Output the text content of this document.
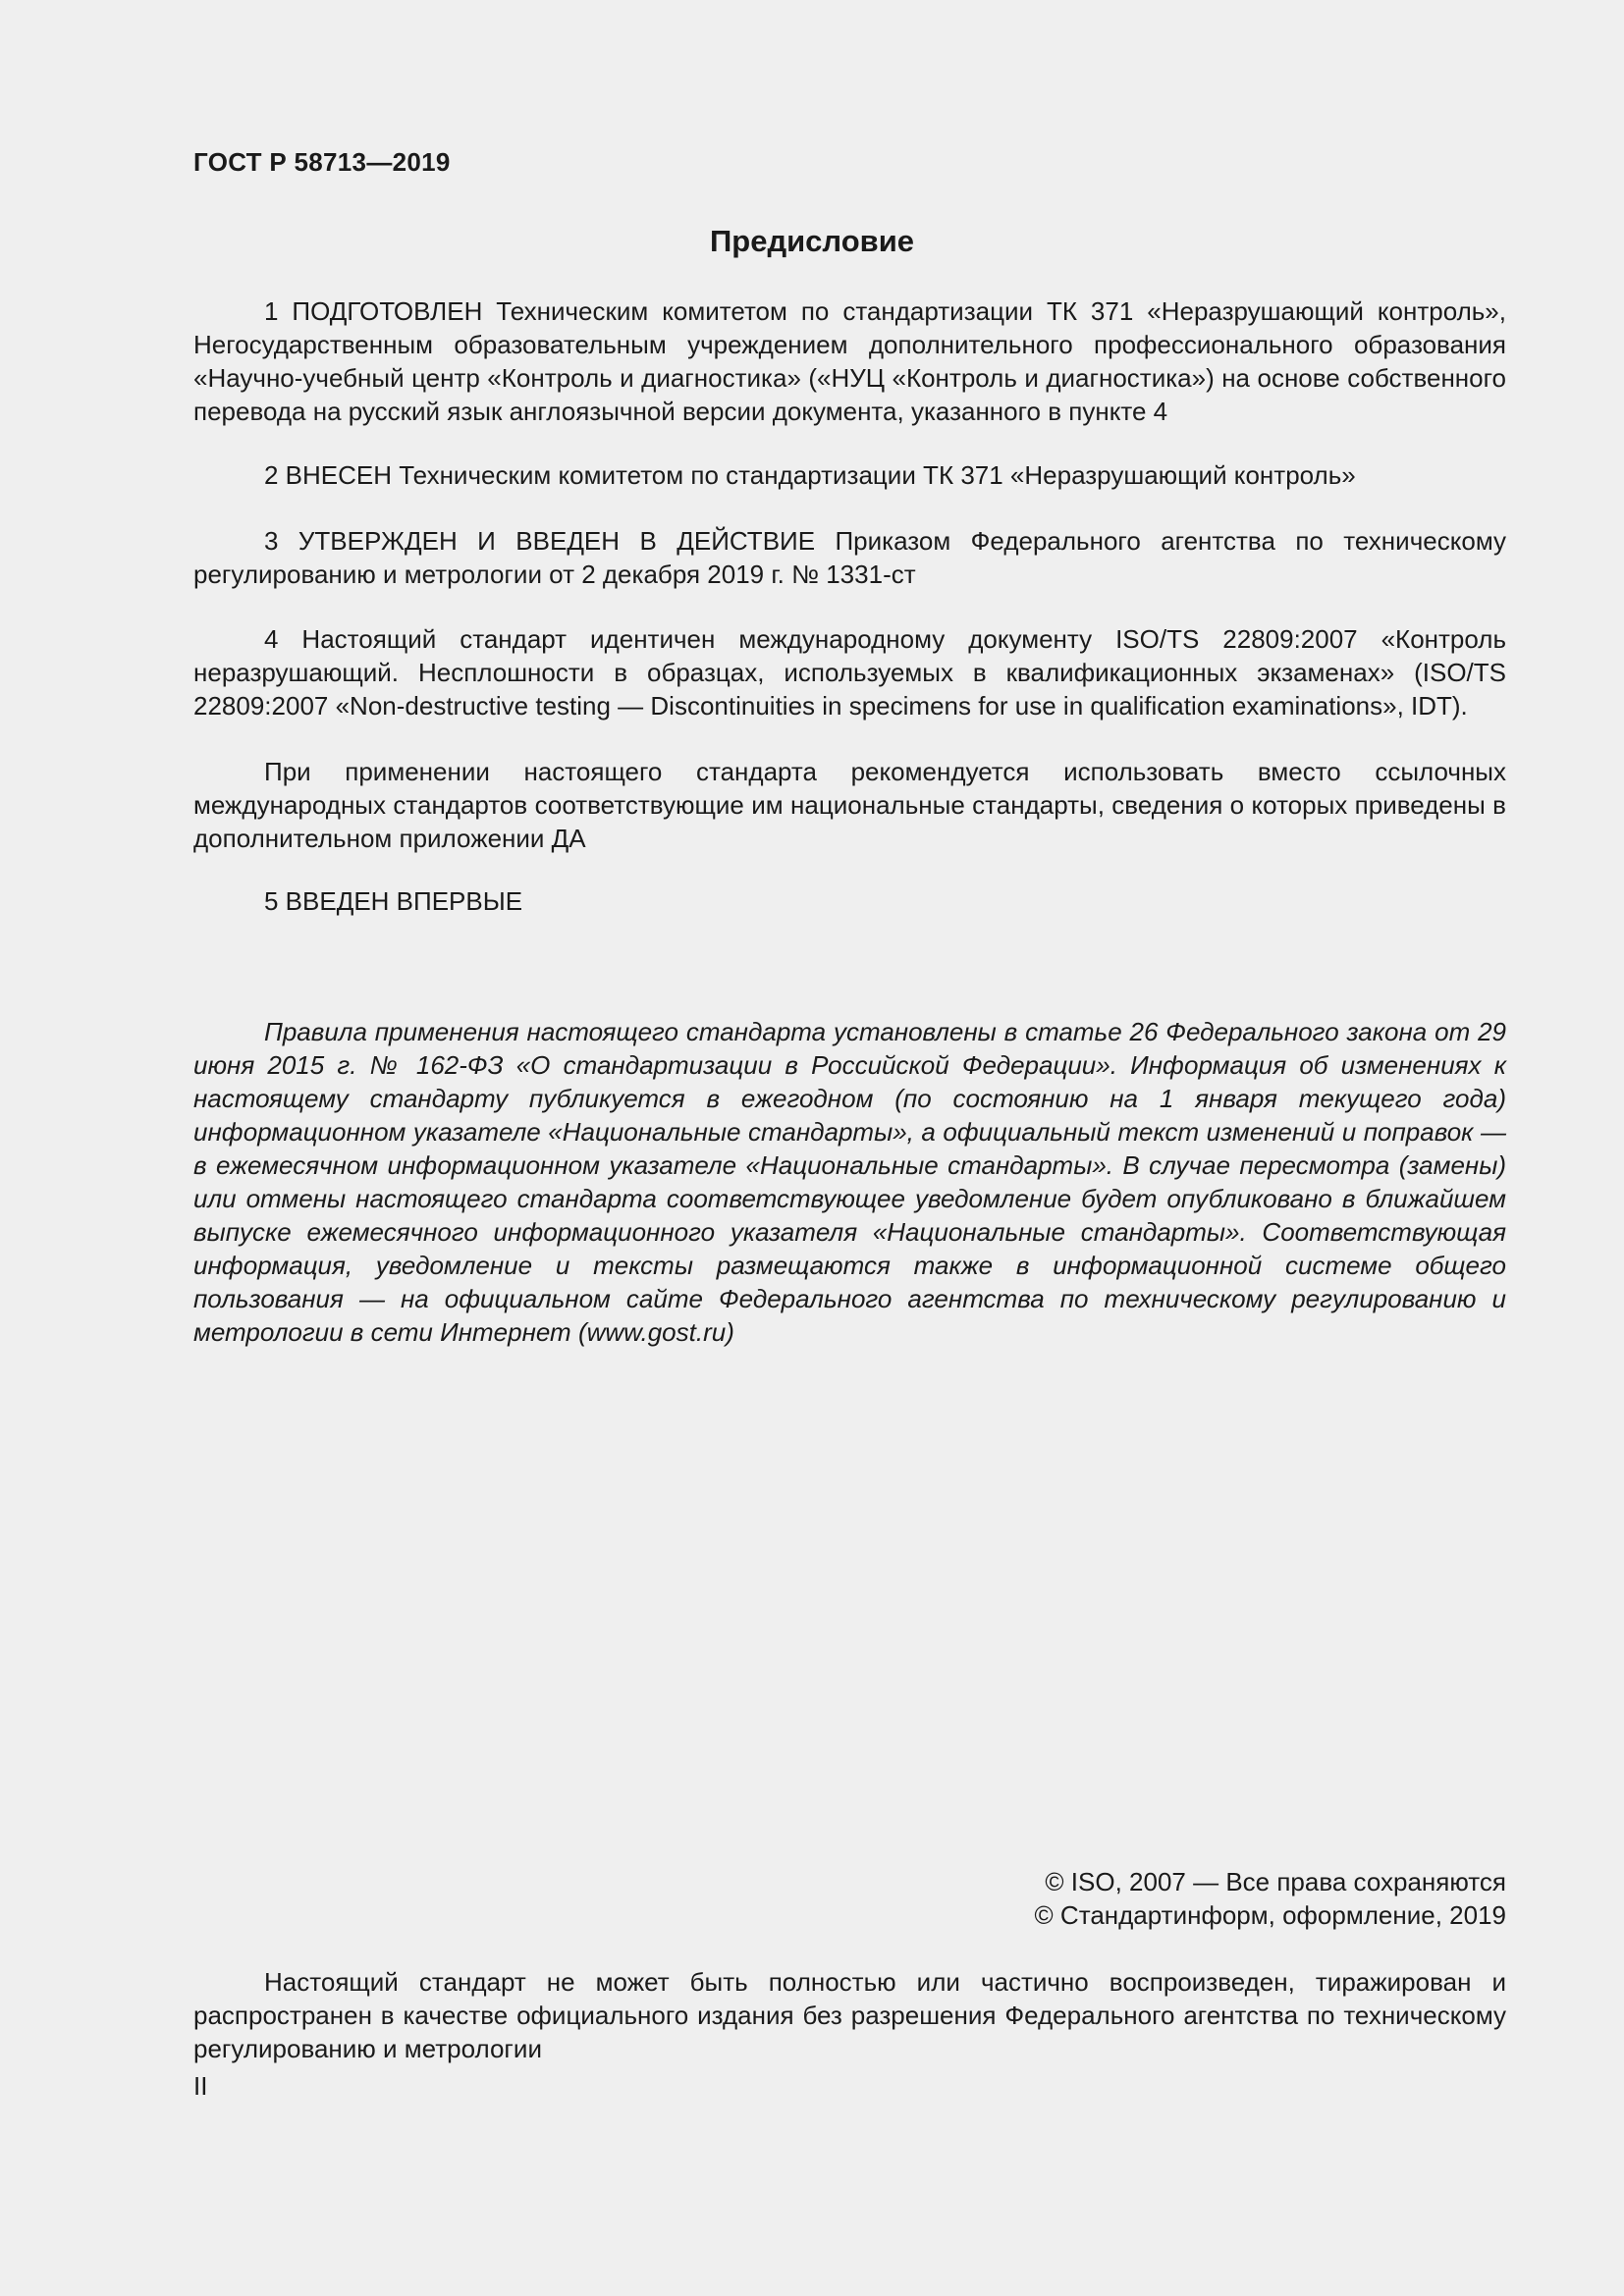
ГОСТ Р 58713—2019
Предисловие
1 ПОДГОТОВЛЕН Техническим комитетом по стандартизации ТК 371 «Неразрушающий контроль», Негосударственным образовательным учреждением дополнительного профессионального образования «Научно-учебный центр «Контроль и диагностика» («НУЦ «Контроль и диагностика») на основе собственного перевода на русский язык англоязычной версии документа, указанного в пункте 4
2 ВНЕСЕН Техническим комитетом по стандартизации ТК 371 «Неразрушающий контроль»
3 УТВЕРЖДЕН И ВВЕДЕН В ДЕЙСТВИЕ Приказом Федерального агентства по техническому регулированию и метрологии от 2 декабря 2019 г. № 1331-ст
4 Настоящий стандарт идентичен международному документу ISO/TS 22809:2007 «Контроль неразрушающий. Несплошности в образцах, используемых в квалификационных экзаменах» (ISO/TS 22809:2007 «Non-destructive testing — Discontinuities in specimens for use in qualification examinations», IDT).
При применении настоящего стандарта рекомендуется использовать вместо ссылочных международных стандартов соответствующие им национальные стандарты, сведения о которых приведены в дополнительном приложении ДА
5 ВВЕДЕН ВПЕРВЫЕ
Правила применения настоящего стандарта установлены в статье 26 Федерального закона от 29 июня 2015 г. № 162-ФЗ «О стандартизации в Российской Федерации». Информация об изменениях к настоящему стандарту публикуется в ежегодном (по состоянию на 1 января текущего года) информационном указателе «Национальные стандарты», а официальный текст изменений и поправок — в ежемесячном информационном указателе «Национальные стандарты». В случае пересмотра (замены) или отмены настоящего стандарта соответствующее уведомление будет опубликовано в ближайшем выпуске ежемесячного информационного указателя «Национальные стандарты». Соответствующая информация, уведомление и тексты размещаются также в информационной системе общего пользования — на официальном сайте Федерального агентства по техническому регулированию и метрологии в сети Интернет (www.gost.ru)
© ISO, 2007 — Все права сохраняются
© Стандартинформ, оформление, 2019
Настоящий стандарт не может быть полностью или частично воспроизведен, тиражирован и распространен в качестве официального издания без разрешения Федерального агентства по техническому регулированию и метрологии
II
